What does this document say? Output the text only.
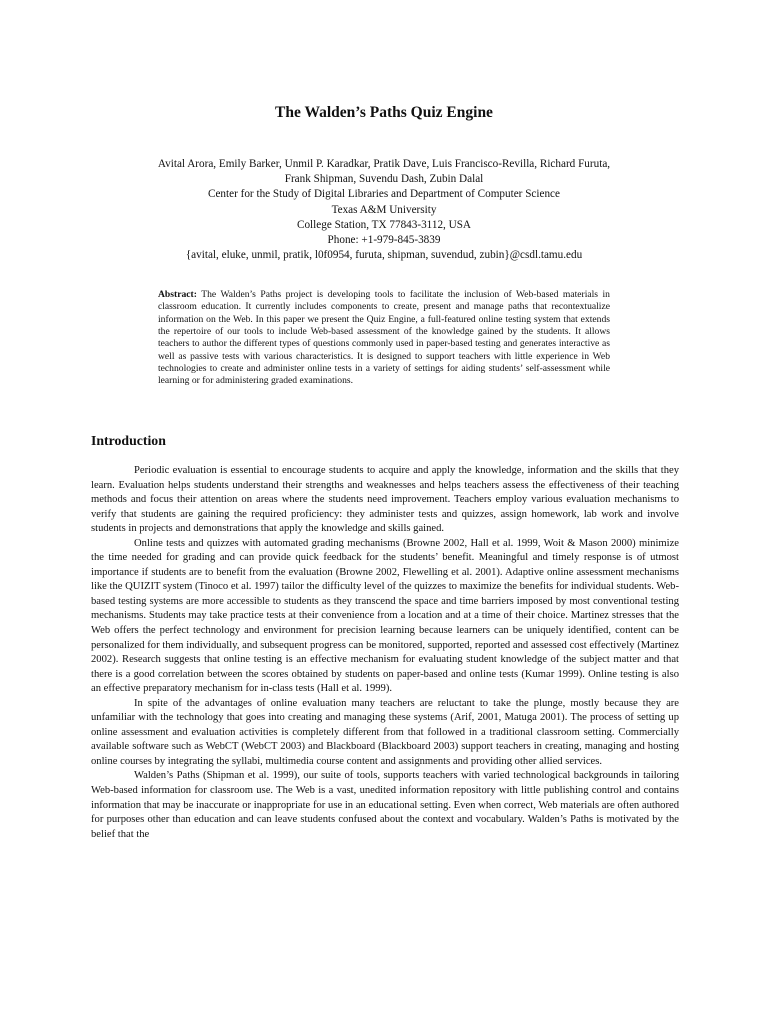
The Walden’s Paths Quiz Engine
Avital Arora, Emily Barker, Unmil P. Karadkar, Pratik Dave, Luis Francisco-Revilla, Richard Furuta,
Frank Shipman, Suvendu Dash, Zubin Dalal
Center for the Study of Digital Libraries and Department of Computer Science
Texas A&M University
College Station, TX 77843-3112, USA
Phone: +1-979-845-3839
{avital, eluke, unmil, pratik, l0f0954, furuta, shipman, suvendud, zubin}@csdl.tamu.edu

Abstract: The Walden’s Paths project is developing tools to facilitate the inclusion of Web-based materials in classroom education. It currently includes components to create, present and manage paths that recontextualize information on the Web. In this paper we present the Quiz Engine, a full-featured online testing system that extends the repertoire of our tools to include Web-based assessment of the knowledge gained by the students. It allows teachers to author the different types of questions commonly used in paper-based testing and generates interactive as well as passive tests with various characteristics. It is designed to support teachers with little experience in Web technologies to create and administer online tests in a variety of settings for aiding students’ self-assessment while learning or for administering graded examinations.

Introduction

Periodic evaluation is essential to encourage students to acquire and apply the knowledge, information and the skills that they learn. Evaluation helps students understand their strengths and weaknesses and helps teachers assess the effectiveness of their teaching methods and focus their attention on areas where the students need improvement. Teachers employ various evaluation mechanisms to verify that students are gaining the required proficiency: they administer tests and quizzes, assign homework, lab work and involve students in projects and demonstrations that apply the knowledge and skills gained.

Online tests and quizzes with automated grading mechanisms (Browne 2002, Hall et al. 1999, Woit & Mason 2000) minimize the time needed for grading and can provide quick feedback for the students’ benefit. Meaningful and timely response is of utmost importance if students are to benefit from the evaluation (Browne 2002, Flewelling et al. 2001). Adaptive online assessment mechanisms like the QUIZIT system (Tinoco et al. 1997) tailor the difficulty level of the quizzes to maximize the benefits for individual students. Web-based testing systems are more accessible to students as they transcend the space and time barriers imposed by most conventional testing mechanisms. Students may take practice tests at their convenience from a location and at a time of their choice. Martinez stresses that the Web offers the perfect technology and environment for precision learning because learners can be uniquely identified, content can be personalized for them individually, and subsequent progress can be monitored, supported, reported and assessed cost effectively (Martinez 2002). Research suggests that online testing is an effective mechanism for evaluating student knowledge of the subject matter and that there is a good correlation between the scores obtained by students on paper-based and online tests (Kumar 1999). Online testing is also an effective preparatory mechanism for in-class tests (Hall et al. 1999).

In spite of the advantages of online evaluation many teachers are reluctant to take the plunge, mostly because they are unfamiliar with the technology that goes into creating and managing these systems (Arif, 2001, Matuga 2001). The process of setting up online assessment and evaluation activities is completely different from that followed in a traditional classroom setting. Commercially available software such as WebCT (WebCT 2003) and Blackboard (Blackboard 2003) support teachers in creating, managing and hosting online courses by integrating the syllabi, multimedia course content and assignments and providing other allied services.

Walden’s Paths (Shipman et al. 1999), our suite of tools, supports teachers with varied technological backgrounds in tailoring Web-based information for classroom use. The Web is a vast, unedited information repository with little publishing control and contains information that may be inaccurate or inappropriate for use in an educational setting. Even when correct, Web materials are often authored for purposes other than education and can leave students confused about the context and vocabulary. Walden’s Paths is motivated by the belief that the
